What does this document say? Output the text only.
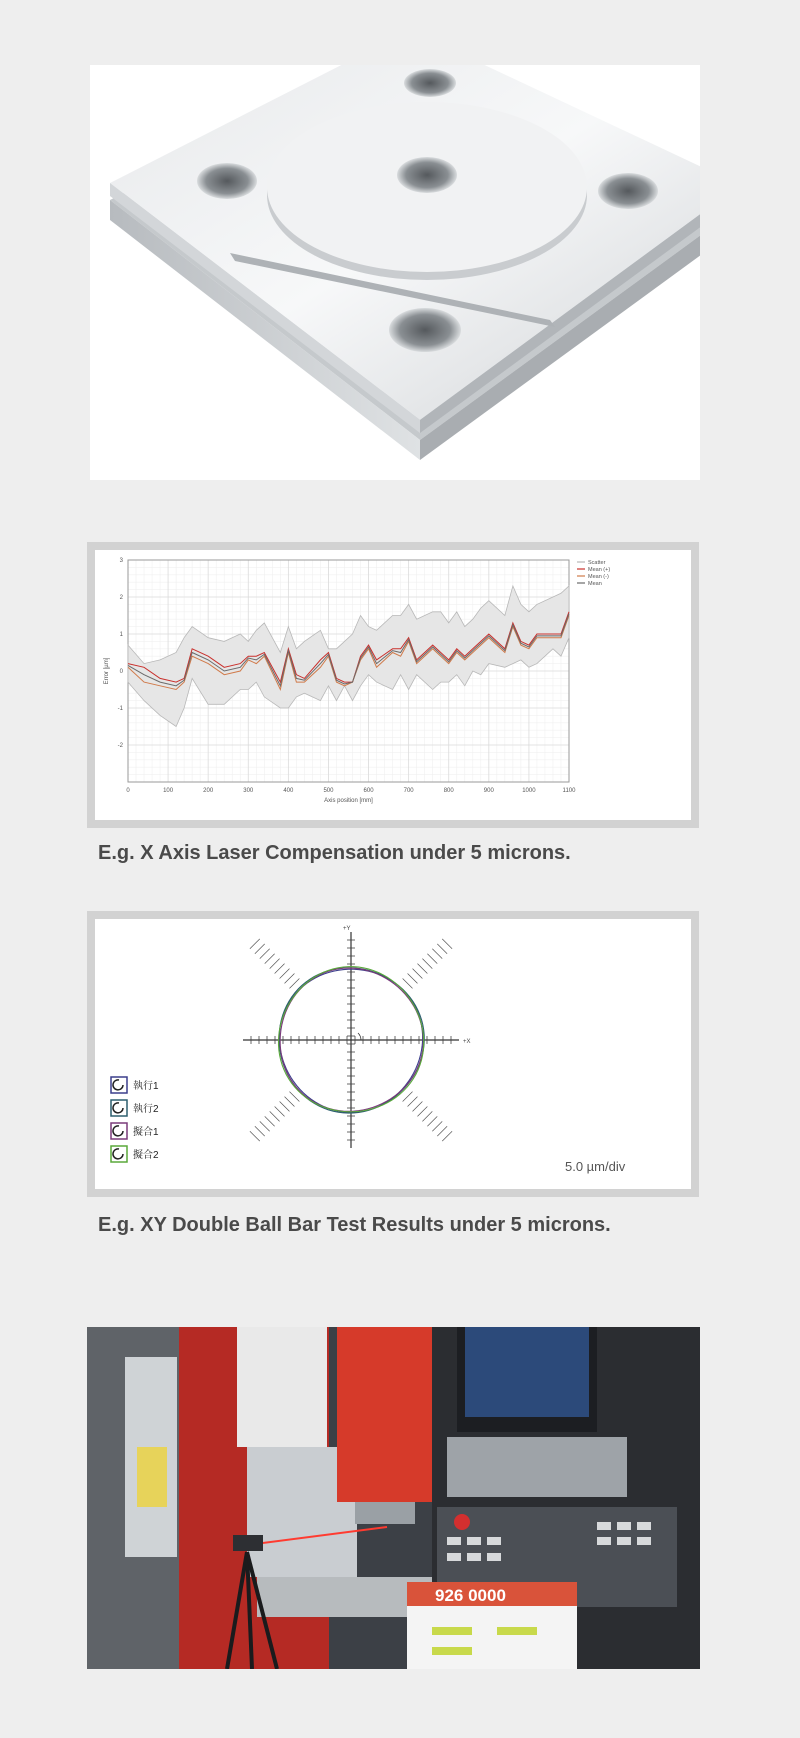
0	100	200	300	400	500	600	700	800	900	1000	1100
-2
-1
0
1
2
3
Axis position [mm]
Error [µm]
Scatter
Mean (+)
Mean (-)
Mean
E.g. X Axis Laser Compensation under 5 microns.
+X
+Y
5.0 µm/div
執行1
執行2
擬合1
擬合2
E.g. XY Double Ball Bar Test Results under 5 microns.
926 0000
